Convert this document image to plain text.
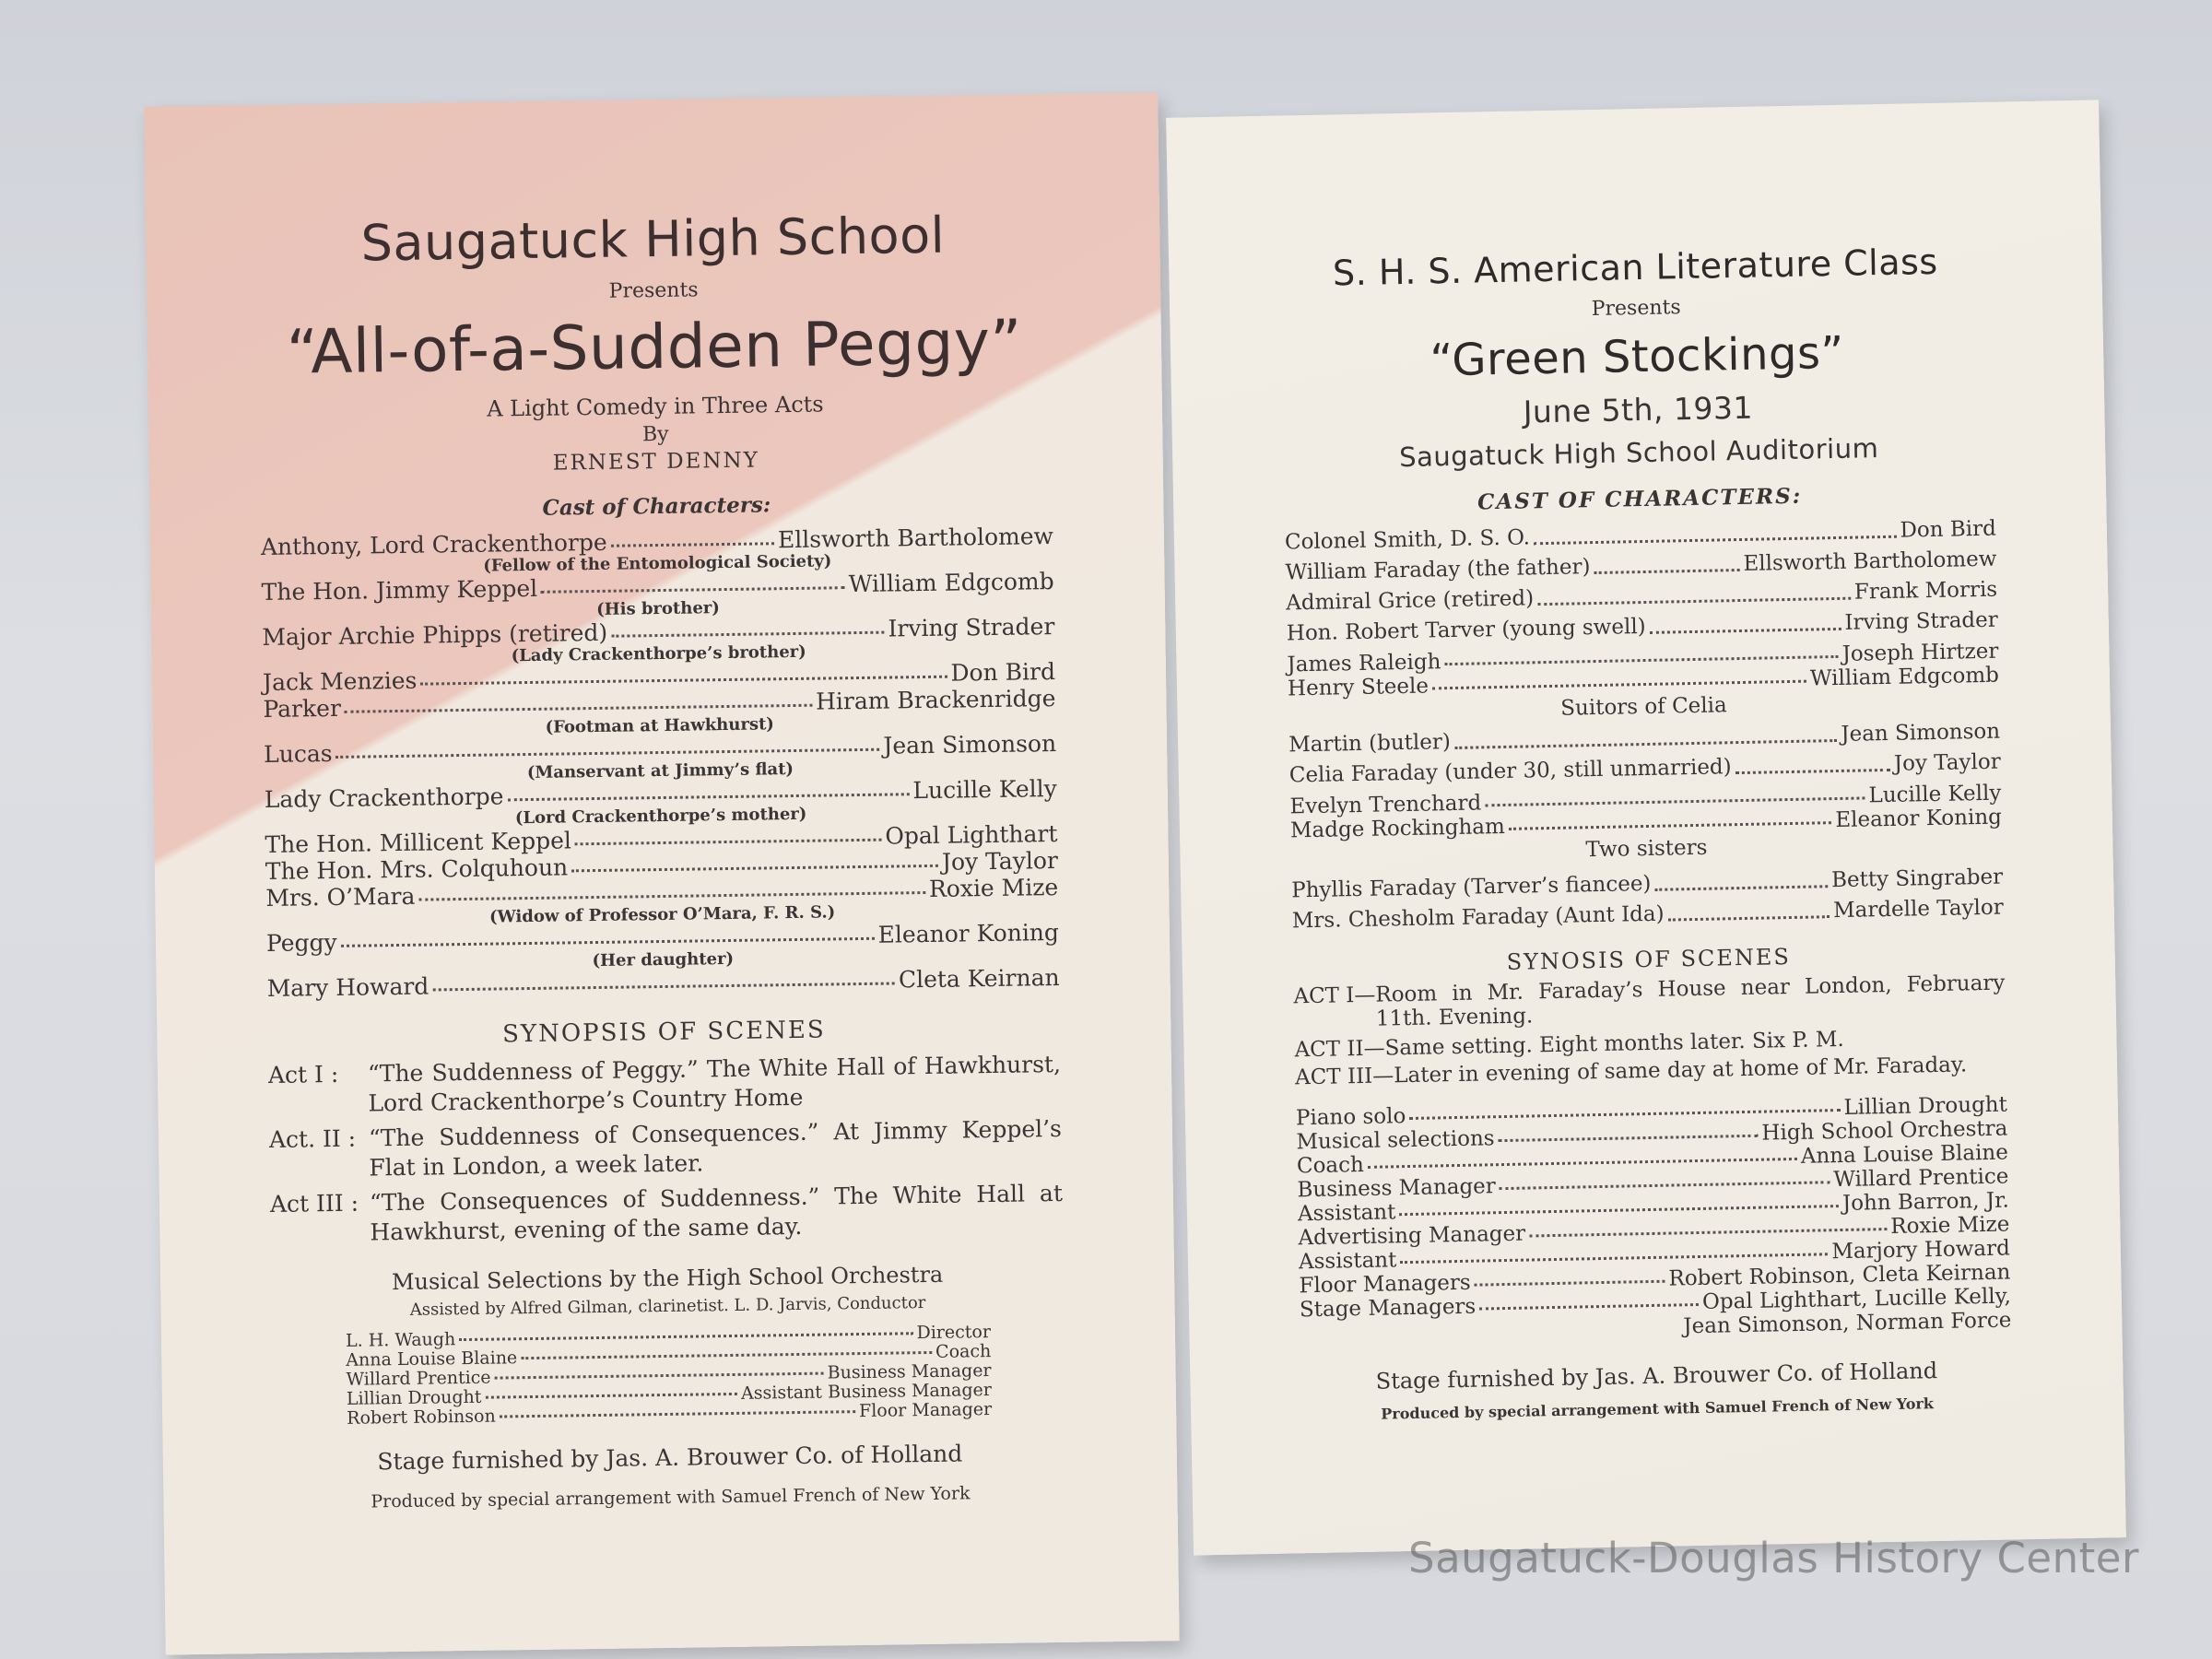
Saugatuck High School
Presents
“All-of-a-Sudden Peggy”
A Light Comedy in Three Acts
By
ERNEST DENNY
Cast of Characters:
Anthony, Lord Crackenthorpe	Ellsworth Bartholomew
(Fellow of the Entomological Society)
The Hon. Jimmy Keppel	William Edgcomb
(His brother)
Major Archie Phipps (retired)	Irving Strader
(Lady Crackenthorpe’s brother)
Jack Menzies	Don Bird
Parker	Hiram Brackenridge
(Footman at Hawkhurst)
Lucas	Jean Simonson
(Manservant at Jimmy’s flat)
Lady Crackenthorpe	Lucille Kelly
(Lord Crackenthorpe’s mother)
The Hon. Millicent Keppel	Opal Lighthart
The Hon. Mrs. Colquhoun	Joy Taylor
Mrs. O’Mara	Roxie Mize
(Widow of Professor O’Mara, F. R. S.)
Peggy	Eleanor Koning
(Her daughter)
Mary Howard	Cleta Keirnan
SYNOPSIS OF SCENES
Act I :	“The Suddenness of Peggy.” The White Hall of Hawkhurst, Lord Crackenthorpe’s Country Home
Act. II : “The Suddenness of Consequences.” At Jimmy Keppel’s Flat in London, a week later.
Act III : “The Consequences of Suddenness.” The White Hall at Hawkhurst, evening of the same day.
Musical Selections by the High School Orchestra
Assisted by Alfred Gilman, clarinetist. L. D. Jarvis, Conductor
L. H. Waugh	Director
Anna Louise Blaine	Coach
Willard Prentice	Business Manager
Lillian Drought	Assistant Business Manager
Robert Robinson	Floor Manager
Stage furnished by Jas. A. Brouwer Co. of Holland
Produced by special arrangement with Samuel French of New York
S. H. S. American Literature Class
Presents
“Green Stockings”
June 5th, 1931
Saugatuck High School Auditorium
CAST OF CHARACTERS:
Colonel Smith, D. S. O.	Don Bird
William Faraday (the father)	Ellsworth Bartholomew
Admiral Grice (retired)	Frank Morris
Hon. Robert Tarver (young swell)	Irving Strader
James Raleigh	Joseph Hirtzer
Henry Steele	William Edgcomb
Suitors of Celia
Martin (butler)	Jean Simonson
Celia Faraday (under 30, still unmarried)	Joy Taylor
Evelyn Trenchard	Lucille Kelly
Madge Rockingham	Eleanor Koning
Two sisters
Phyllis Faraday (Tarver’s fiancee)	Betty Singraber
Mrs. Chesholm Faraday (Aunt Ida)	Mardelle Taylor
SYNOSIS OF SCENES
ACT I— Room in Mr. Faraday’s House near London, February 11th. Evening.
ACT II— Same setting. Eight months later. Six P. M.
ACT III— Later in evening of same day at home of Mr. Faraday.
Piano solo	Lillian Drought
Musical selections	High School Orchestra
Coach	Anna Louise Blaine
Business Manager	Willard Prentice
Assistant	John Barron, Jr.
Advertising Manager	Roxie Mize
Assistant	Marjory Howard
Floor Managers	Robert Robinson, Cleta Keirnan
Stage Managers	Opal Lighthart, Lucille Kelly,
Jean Simonson, Norman Force
Stage furnished by Jas. A. Brouwer Co. of Holland
Produced by special arrangement with Samuel French of New York
Saugatuck-Douglas History Center
